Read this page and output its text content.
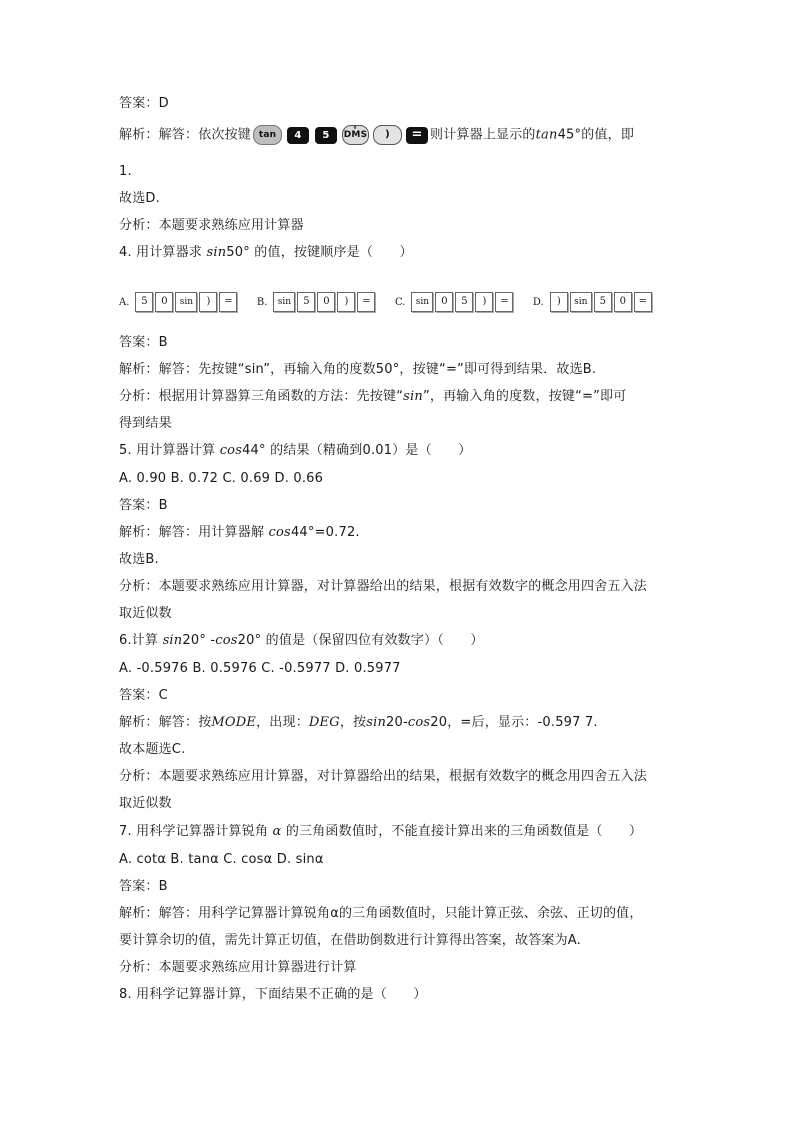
答案：D
解析：解答：依次按键 tan 4 5° DMS ) = 则计算器上显示的tan45°的值，即
1.
故选D.
分析：本题要求熟练应用计算器
4. 用计算器求 sin50° 的值，按键顺序是（　　）
A. 5 0 sin ) = B. sin 5 0 ) = C. sin 0 5 ) = D. ) sin 5 0 =
答案：B
解析：解答：先按键“sin”，再输入角的度数50°，按键“=”即可得到结果．故选B.
分析：根据用计算器算三角函数的方法：先按键“sin”，再输入角的度数，按键“=”即可
得到结果
5. 用计算器计算 cos44° 的结果（精确到0.01）是（　　）
A. 0.90 B. 0.72 C. 0.69 D. 0.66
答案：B
解析：解答：用计算器解 cos44°=0.72.
故选B.
分析：本题要求熟练应用计算器，对计算器给出的结果，根据有效数字的概念用四舍五入法
取近似数
6.计算 sin20° -cos20° 的值是（保留四位有效数字）（　　）
A. -0.5976 B. 0.5976 C. -0.5977 D. 0.5977
答案：C
解析：解答：按MODE，出现：DEG，按sin20-cos20，=后，显示：-0.597 7.
故本题选C.
分析：本题要求熟练应用计算器，对计算器给出的结果，根据有效数字的概念用四舍五入法
取近似数
7. 用科学记算器计算锐角 α 的三角函数值时，不能直接计算出来的三角函数值是（　　）
A. cotα B. tanα C. cosα D. sinα
答案：B
解析：解答：用科学记算器计算锐角α的三角函数值时，只能计算正弦、余弦、正切的值，
要计算余切的值，需先计算正切值，在借助倒数进行计算得出答案，故答案为A.
分析：本题要求熟练应用计算器进行计算
8. 用科学记算器计算，下面结果不正确的是（　　）
